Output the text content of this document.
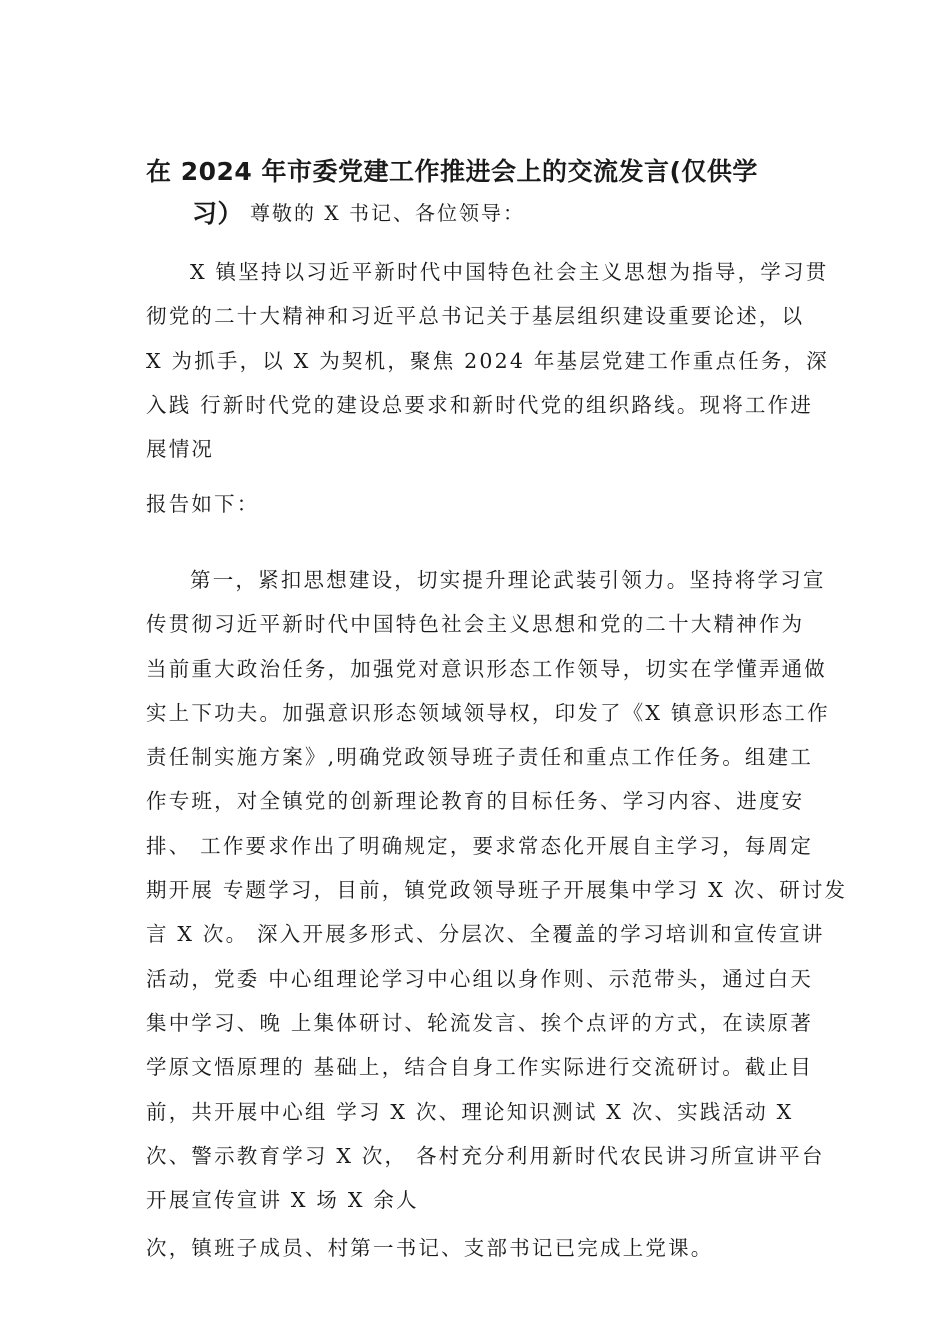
在 2024 年市委党建工作推进会上的交流发言(仅供学
习） 尊敬的 X 书记、各位领导：
X 镇坚持以习近平新时代中国特色社会主义思想为指导，学习贯
彻党的二十大精神和习近平总书记关于基层组织建设重要论述，以
X 为抓手，以 X 为契机，聚焦 2024 年基层党建工作重点任务，深
入践 行新时代党的建设总要求和新时代党的组织路线。现将工作进
展情况
报告如下：
第一，紧扣思想建设，切实提升理论武装引领力。坚持将学习宣
传贯彻习近平新时代中国特色社会主义思想和党的二十大精神作为
当前重大政治任务，加强党对意识形态工作领导，切实在学懂弄通做
实上下功夫。加强意识形态领域领导权，印发了《X 镇意识形态工作
责任制实施方案》,明确党政领导班子责任和重点工作任务。组建工
作专班，对全镇党的创新理论教育的目标任务、学习内容、进度安
排、 工作要求作出了明确规定，要求常态化开展自主学习，每周定
期开展 专题学习，目前，镇党政领导班子开展集中学习 X 次、研讨发
言 X 次。 深入开展多形式、分层次、全覆盖的学习培训和宣传宣讲
活动，党委 中心组理论学习中心组以身作则、示范带头，通过白天
集中学习、晚 上集体研讨、轮流发言、挨个点评的方式，在读原著
学原文悟原理的 基础上，结合自身工作实际进行交流研讨。截止目
前，共开展中心组 学习 X 次、理论知识测试 X 次、实践活动 X
次、警示教育学习 X 次， 各村充分利用新时代农民讲习所宣讲平台
开展宣传宣讲 X 场 X 余人
次，镇班子成员、村第一书记、支部书记已完成上党课。
